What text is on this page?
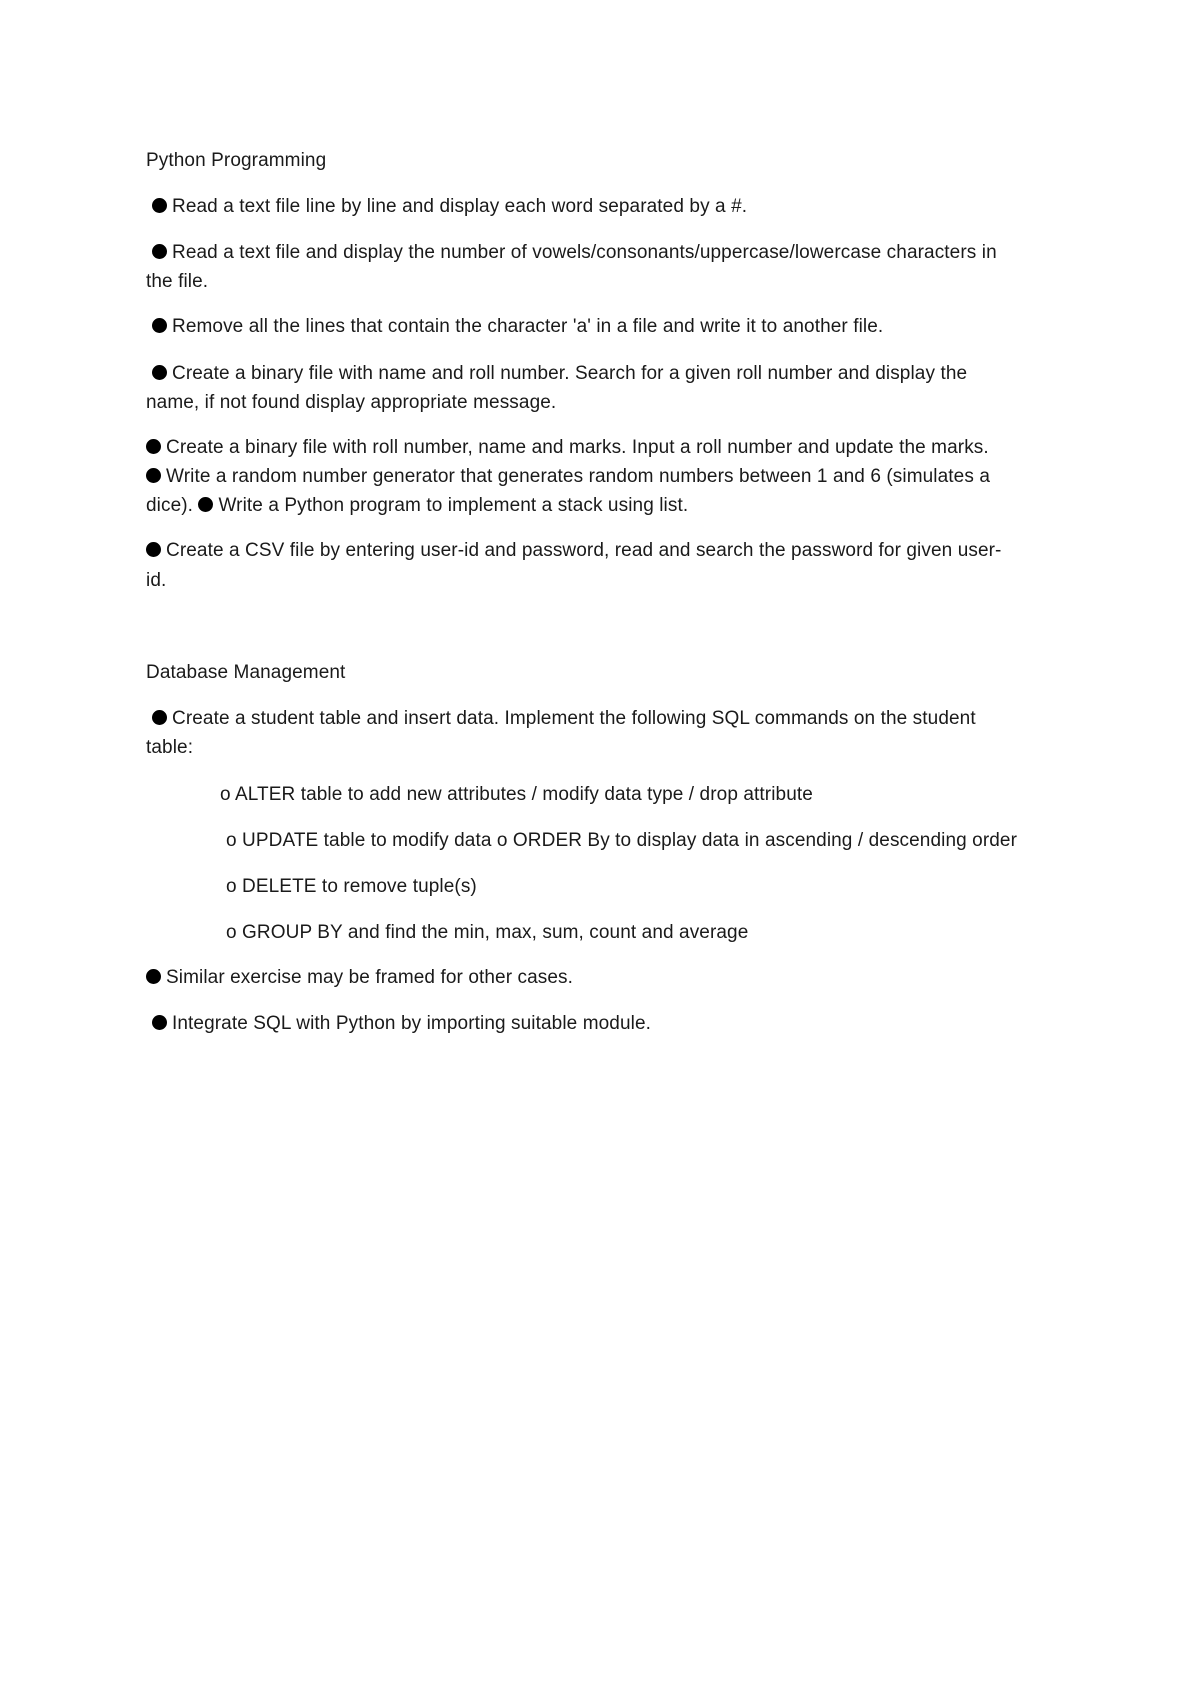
Python Programming
Read a text file line by line and display each word separated by a #.
Read a text file and display the number of vowels/consonants/uppercase/lowercase characters in
the file.
Remove all the lines that contain the character 'a' in a file and write it to another file.
Create a binary file with name and roll number. Search for a given roll number and display the
name, if not found display appropriate message.
Create a binary file with roll number, name and marks. Input a roll number and update the marks.
Write a random number generator that generates random numbers between 1 and 6 (simulates a
dice). Write a Python program to implement a stack using list.
Create a CSV file by entering user-id and password, read and search the password for given user-
id.
Database Management
Create a student table and insert data. Implement the following SQL commands on the student
table:
o ALTER table to add new attributes / modify data type / drop attribute
o UPDATE table to modify data o ORDER By to display data in ascending / descending order
o DELETE to remove tuple(s)
o GROUP BY and find the min, max, sum, count and average
Similar exercise may be framed for other cases.
Integrate SQL with Python by importing suitable module.
